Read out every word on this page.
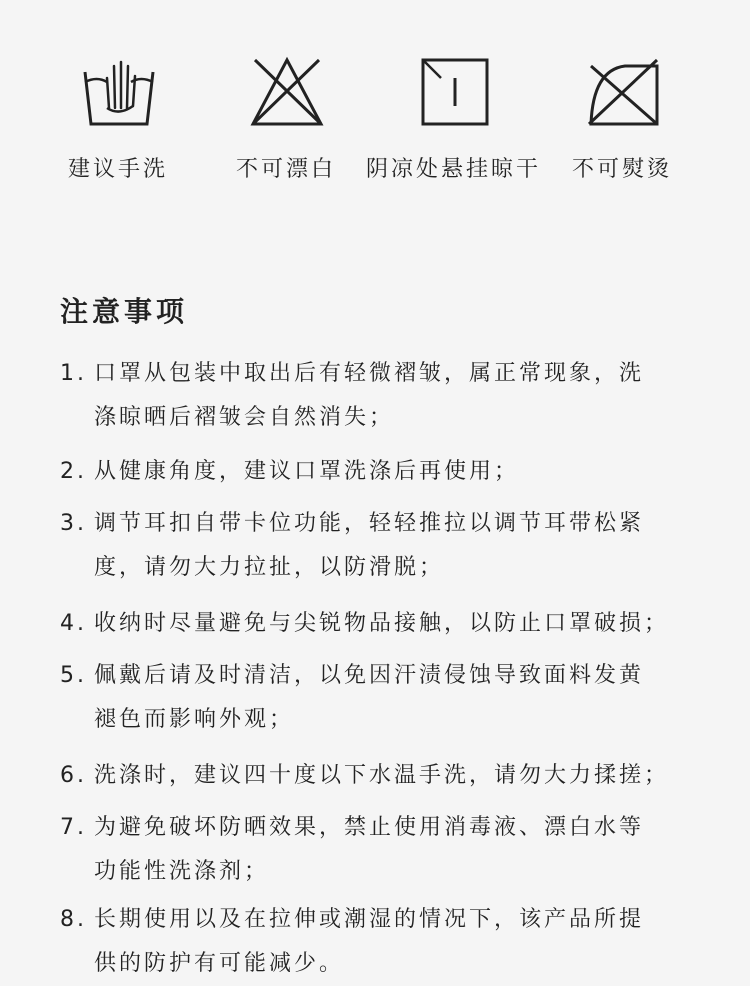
建议手洗	不可漂白 阴凉处悬挂晾干 不可熨烫
注意事项
1. 口罩从包装中取出后有轻微褶皱，属正常现象，洗
涤晾晒后褶皱会自然消失；
2. 从健康角度，建议口罩洗涤后再使用；
3. 调节耳扣自带卡位功能，轻轻推拉以调节耳带松紧
度，请勿大力拉扯，以防滑脱；
4. 收纳时尽量避免与尖锐物品接触，以防止口罩破损；
5. 佩戴后请及时清洁，以免因汗渍侵蚀导致面料发黄
褪色而影响外观；
6. 洗涤时，建议四十度以下水温手洗，请勿大力揉搓；
7. 为避免破坏防晒效果，禁止使用消毒液、漂白水等
功能性洗涤剂；
8. 长期使用以及在拉伸或潮湿的情况下，该产品所提
供的防护有可能减少。
